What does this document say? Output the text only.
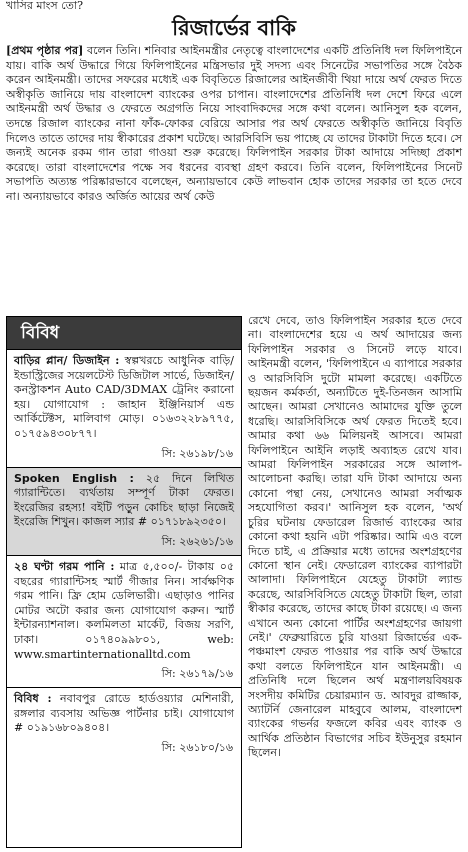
খাসির মাংস তো?
রিজার্ভের বাকি
[প্রথম পৃষ্ঠার পর] বলেন তিনি। শনিবার আইনমন্ত্রীর নেতৃত্বে বাংলাদেশের একটি প্রতিনিধি দল ফিলিপাইনে যায়। বাকি অর্থ উদ্ধারে গিয়ে ফিলিপাইনের মন্ত্রিসভার দুই সদস্য এবং সিনেটের সভাপতির সঙ্গে বৈঠক করেন আইনমন্ত্রী। তাদের সফরের মধ্যেই এক বিবৃতিতে রিজালের আইনজীবী থিয়া দায়ে অর্থ ফেরত দিতে অস্বীকৃতি জানিয়ে দায় বাংলাদেশ ব্যাংকের ওপর চাপান। বাংলাদেশের প্রতিনিধি দল দেশে ফিরে এলে আইনমন্ত্রী অর্থ উদ্ধার ও ফেরতে অগ্রগতি নিয়ে সাংবাদিকদের সঙ্গে কথা বলেন। আনিসুল হক বলেন, তদন্তে রিজাল ব্যাংকের নানা ফাঁক-ফোকর বেরিয়ে আসার পর অর্থ ফেরতে অস্বীকৃতি জানিয়ে বিবৃতি দিলেও তাতে তাদের দায় স্বীকারের প্রকাশ ঘটেছে। আরসিবিসি ভয় পাচ্ছে যে তাদের টাকাটা দিতে হবে। সে জন্যই অনেক রকম গান তারা গাওয়া শুরু করেছে। ফিলিপাইন সরকার টাকা আদায়ে সদিচ্ছা প্রকাশ করেছে। তারা বাংলাদেশের পক্ষে সব ধরনের ব্যবস্থা গ্রহণ করবে। তিনি বলেন, ফিলিপাইনের সিনেট সভাপতি অত্যন্ত পরিষ্কারভাবে বলেছেন, অন্যায়ভাবে কেউ লাভবান হোক তাদের সরকার তা হতে দেবে না। অন্যায়ভাবে কারও অর্জিত আয়ের অর্থ কেউ
বিবিধ
বাড়ির প্লান/ ডিজাইন : স্বল্পখরচে আধুনিক বাড়ি/ইন্ডাস্ট্রিজের সয়েলটেস্ট ডিজিটাল সার্ভে, ডিজাইন/ কনস্ট্রাকশন Auto CAD/3DMAX ট্রেনিং করানো হয়। যোগাযোগ : জাহান ইঞ্জিনিয়ার্স এন্ড আর্কিটেক্টস, মালিবাগ মোড়। ০১৬৩২২৮৯৭৭৫, ০১৭৫৯৪৩০৮৭৭।
সি: ২৬১৯৮/১৬
Spoken English : ২৫ দিনে লিখিত গ্যারান্টিতে। ব্যর্থতায় সম্পূর্ণ টাকা ফেরত। ইংরেজির রহস্য! বইটি পড়ুন কোচিং ছাড়া নিজেই ইংরেজি শিখুন। কাজল স্যার # ০১৭১৮৯২৩৫০।
সি: ২৬২৬১/১৬
২৪ ঘণ্টা গরম পানি : মাত্র ৫,৫০০/- টাকায় ০৫ বছরের গ্যারান্টিসহ স্মার্ট গীজার নিন। সার্বক্ষণিক গরম পানি। ফ্রি হোম ডেলিভারী। এছাড়াও পানির মোটর অটো করার জন্য যোগাযোগ করুন। স্মার্ট ইন্টারন্যাশনাল। কলমিলতা মার্কেট, বিজয় সরণি, ঢাকা। ০১৭৪০৯৯৮০১, web: www.smartinternationalltd.com
সি: ২৬১৭৯/১৬
বিবিধ : নবাবপুর রোডে হার্ডওয়্যার মেশিনারী, রঙ্গলার ব্যবসায় অভিজ্ঞ পার্টনার চাই। যোগাযোগ # ০১৯১৬৮০৯৪০৪।
সি: ২৬১৮০/১৬

রেখে দেবে, তাও ফিলিপাইন সরকার হতে দেবে না। বাংলাদেশের হয়ে এ অর্থ আদায়ের জন্য ফিলিপাইন সরকার ও সিনেট লড়ে যাবে। আইনমন্ত্রী বলেন, 'ফিলিপাইনে এ ব্যাপারে সরকার ও আরসিবিসি দুটো মামলা করেছে। একটিতে ছয়জন কর্মকর্তা, অন্যটিতে দুই-তিনজন আসামি আছেন। আমরা সেখানেও আমাদের যুক্তি তুলে ধরেছি। আরসিবিসিকে অর্থ ফেরত দিতেই হবে। আমার কথা ৬৬ মিলিয়নই আসবে। আমরা ফিলিপাইনে আইনি লড়াই অব্যাহত রেখে যাব। আমরা ফিলিপাইন সরকারের সঙ্গে আলাপ-আলোচনা করছি। তারা যদি টাকা আদায়ে অন্য কোনো পন্থা নেয়, সেখানেও আমরা সর্বাত্মক সহযোগিতা করব।' আনিসুল হক বলেন, 'অর্থ চুরির ঘটনায় ফেডারেল রিজার্ভ ব্যাংকের আর কোনো কথা হয়নি এটা পরিষ্কার। আমি এও বলে দিতে চাই, এ প্রক্রিয়ার মধ্যে তাদের অংশগ্রহণের কোনো স্থান নেই। ফেডারেল ব্যাংকের ব্যাপারটা আলাদা। ফিলিপাইনে যেহেতু টাকাটা ল্যান্ড করেছে, আরসিবিসিতে যেহেতু টাকাটা ছিল, তারা স্বীকার করেছে, তাদের কাছে টাকা রয়েছে। এ জন্য এখানে অন্য কোনো পার্টির অংশগ্রহণের জায়গা নেই।' ফেব্রুয়ারিতে চুরি যাওয়া রিজার্ভের এক-পঞ্চমাংশ ফেরত পাওয়ার পর বাকি অর্থ উদ্ধারে কথা বলতে ফিলিপাইনে যান আইনমন্ত্রী। এ প্রতিনিধি দলে ছিলেন অর্থ মন্ত্রণালয়বিষয়ক সংসদীয় কমিটির চেয়ারম্যান ড. আবদুর রাজ্জাক, অ্যাটর্নি জেনারেল মাহবুবে আলম, বাংলাদেশ ব্যাংকের গভর্নর ফজলে কবির এবং ব্যাংক ও আর্থিক প্রতিষ্ঠান বিভাগের সচিব ইউনুসুর রহমান ছিলেন।
